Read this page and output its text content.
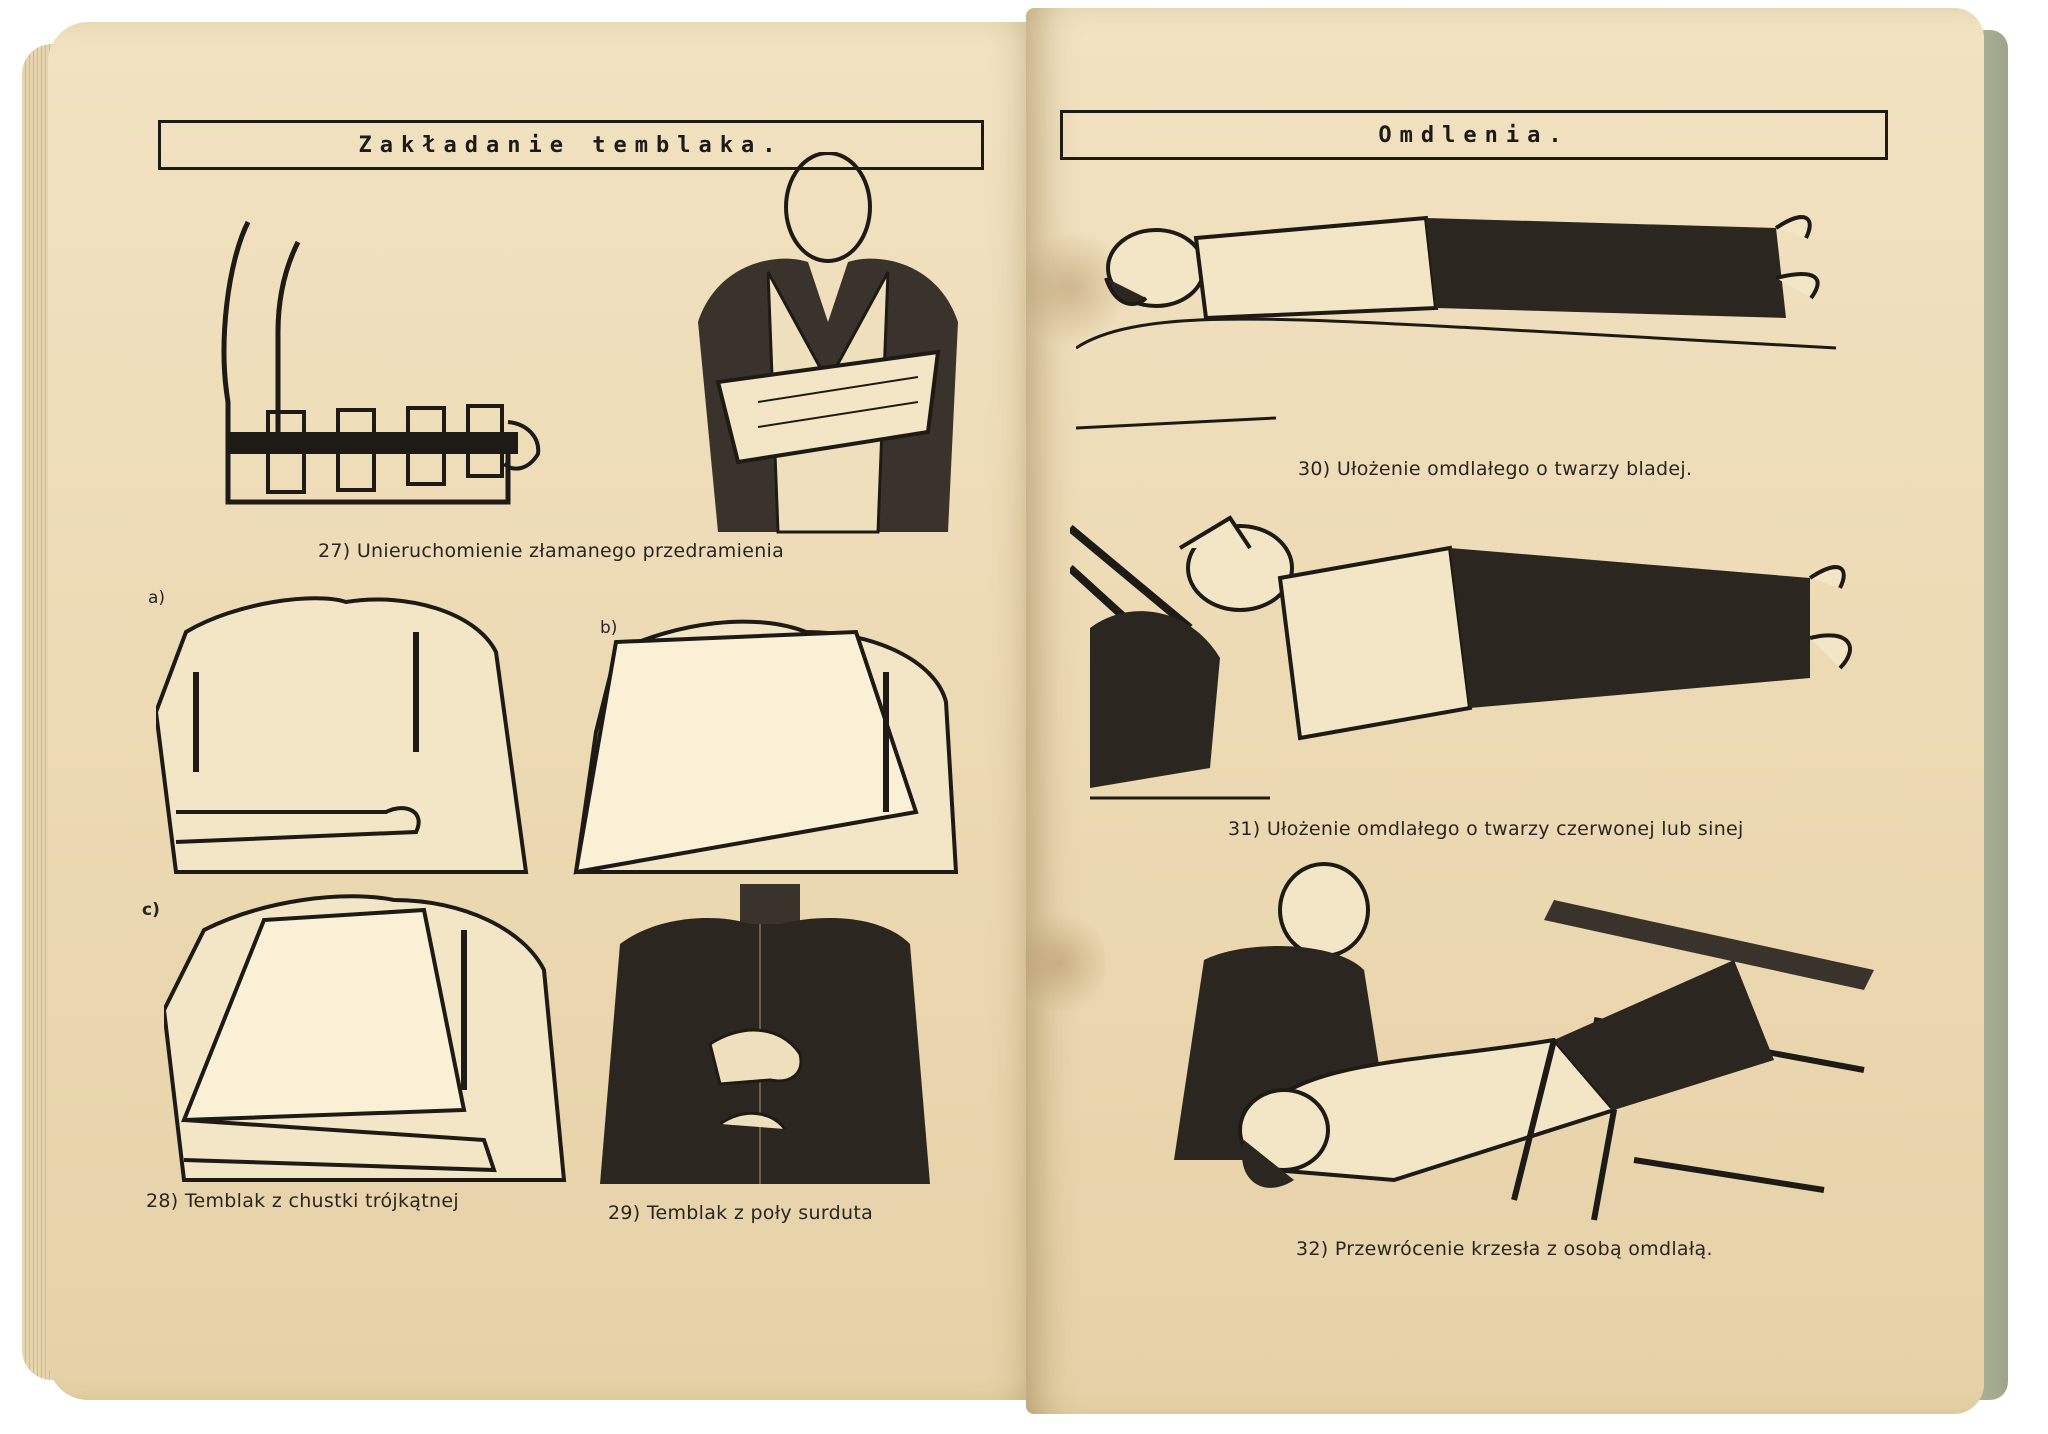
Zakładanie temblaka.
27) Unieruchomienie złamanego przedramienia
a)
b)
c)
28) Temblak z chustki trójkątnej
29) Temblak z poły surduta
Omdlenia.
30) Ułożenie omdlałego o twarzy bladej.
31) Ułożenie omdlałego o twarzy czerwonej lub sinej
32) Przewrócenie krzesła z osobą omdlałą.
